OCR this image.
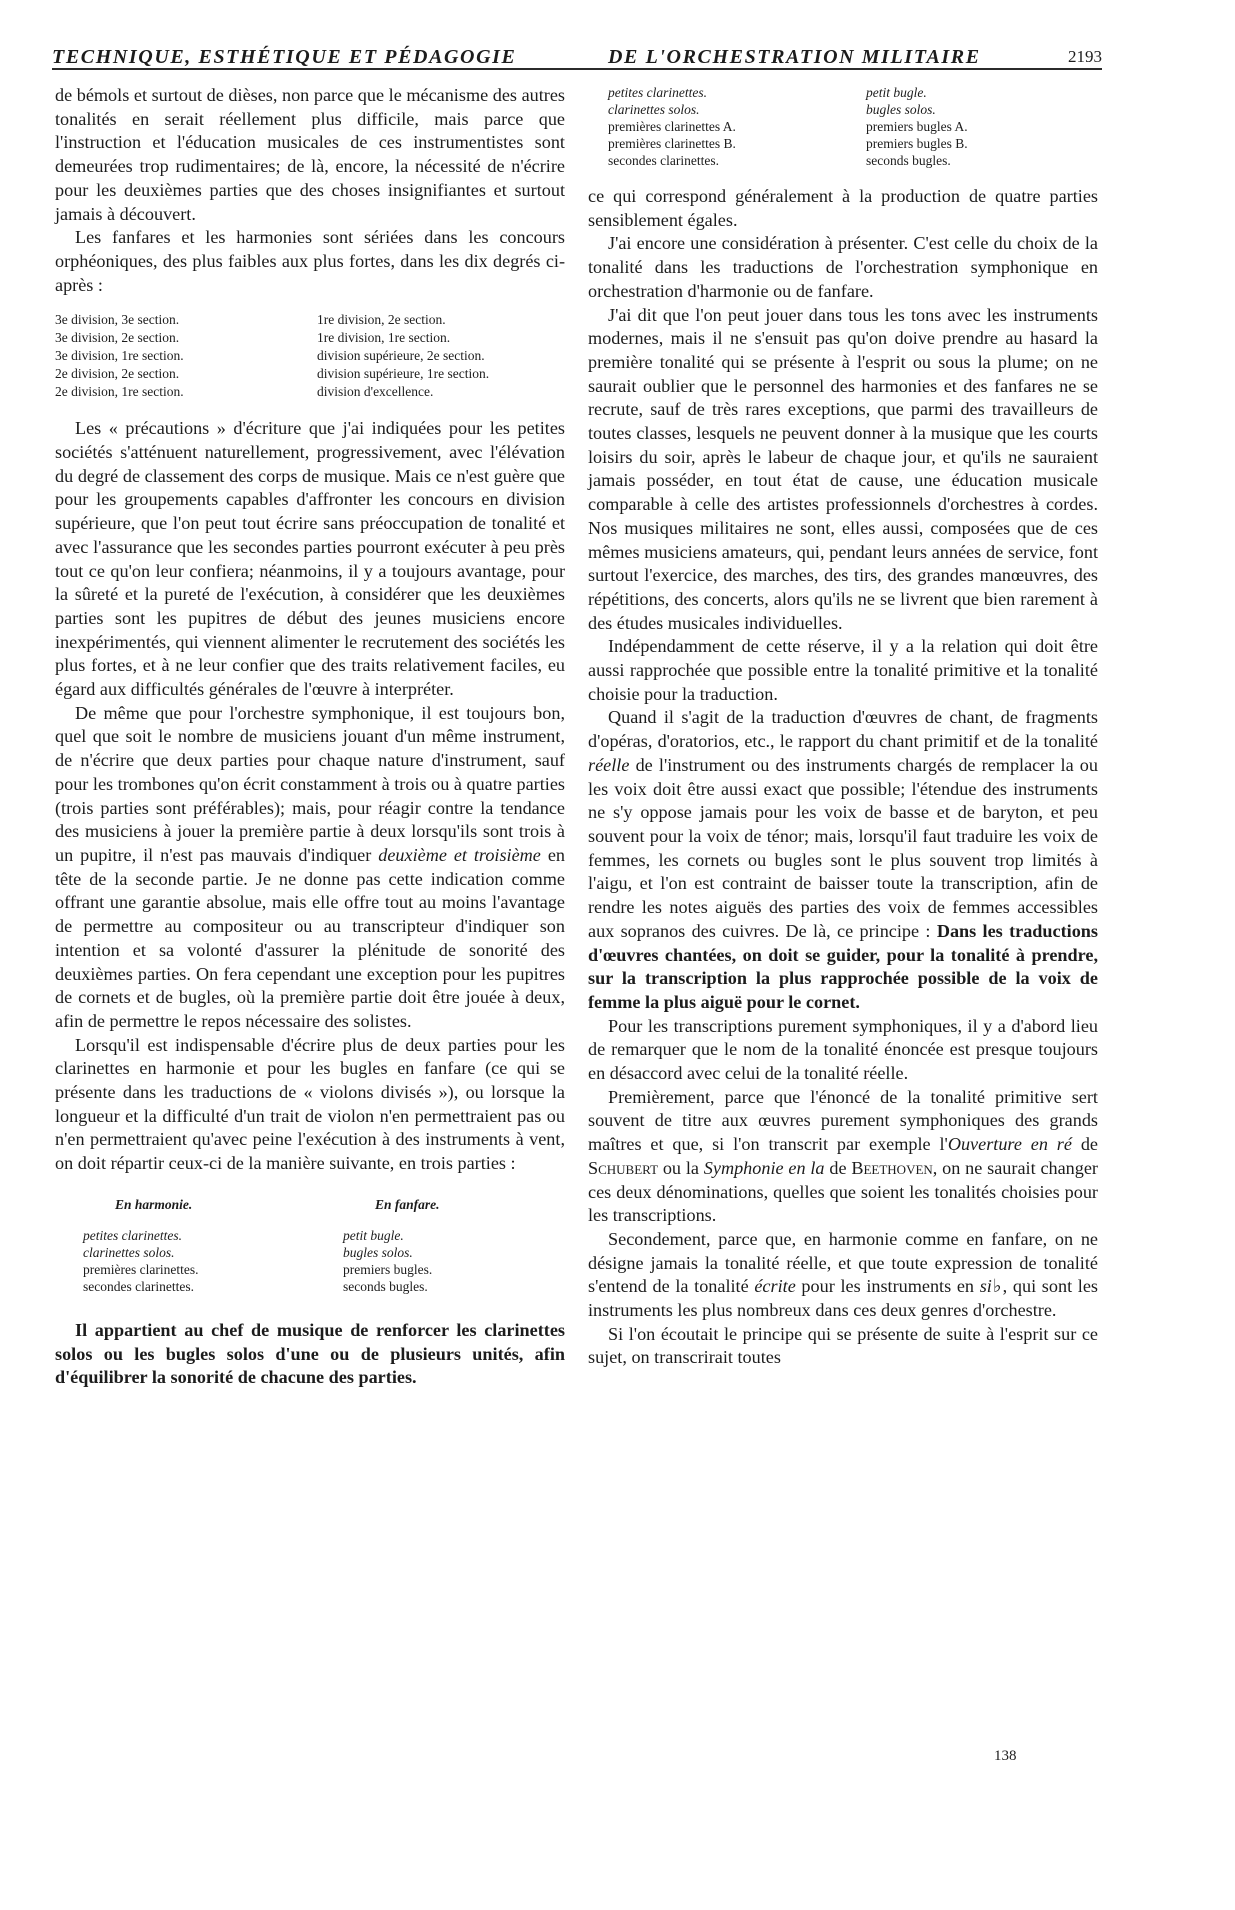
TECHNIQUE, ESTHÉTIQUE ET PÉDAGOGIE	DE L'ORCHESTRATION MILITAIRE	2193

de bémols et surtout de dièses, non parce que le mécanisme des autres tonalités en serait réellement plus difficile, mais parce que l'instruction et l'éducation musicales de ces instrumentistes sont demeurées trop rudimentaires; de là, encore, la nécessité de n'écrire pour les deuxièmes parties que des choses insignifiantes et surtout jamais à découvert.

Les fanfares et les harmonies sont sériées dans les concours orphéoniques, des plus faibles aux plus fortes, dans les dix degrés ci-après :

3e division, 3e section.
3e division, 2e section.
3e division, 1re section.
2e division, 2e section.
2e division, 1re section.
1re division, 2e section.
1re division, 1re section.
division supérieure, 2e section.
division supérieure, 1re section.
division d'excellence.

Les « précautions » d'écriture que j'ai indiquées pour les petites sociétés s'atténuent naturellement, progressivement, avec l'élévation du degré de classement des corps de musique. Mais ce n'est guère que pour les groupements capables d'affronter les concours en division supérieure, que l'on peut tout écrire sans préoccupation de tonalité et avec l'assurance que les secondes parties pourront exécuter à peu près tout ce qu'on leur confiera; néanmoins, il y a toujours avantage, pour la sûreté et la pureté de l'exécution, à considérer que les deuxièmes parties sont les pupitres de début des jeunes musiciens encore inexpérimentés, qui viennent alimenter le recrutement des sociétés les plus fortes, et à ne leur confier que des traits relativement faciles, eu égard aux difficultés générales de l'œuvre à interpréter.

De même que pour l'orchestre symphonique, il est toujours bon, quel que soit le nombre de musiciens jouant d'un même instrument, de n'écrire que deux parties pour chaque nature d'instrument, sauf pour les trombones qu'on écrit constamment à trois ou à quatre parties (trois parties sont préférables); mais, pour réagir contre la tendance des musiciens à jouer la première partie à deux lorsqu'ils sont trois à un pupitre, il n'est pas mauvais d'indiquer deuxième et troisième en tête de la seconde partie. Je ne donne pas cette indication comme offrant une garantie absolue, mais elle offre tout au moins l'avantage de permettre au compositeur ou au transcripteur d'indiquer son intention et sa volonté d'assurer la plénitude de sonorité des deuxièmes parties. On fera cependant une exception pour les pupitres de cornets et de bugles, où la première partie doit être jouée à deux, afin de permettre le repos nécessaire des solistes.

Lorsqu'il est indispensable d'écrire plus de deux parties pour les clarinettes en harmonie et pour les bugles en fanfare (ce qui se présente dans les traductions de « violons divisés »), ou lorsque la longueur et la difficulté d'un trait de violon n'en permettraient pas ou n'en permettraient qu'avec peine l'exécution à des instruments à vent, on doit répartir ceux-ci de la manière suivante, en trois parties :

En harmonie.
petites clarinettes.
clarinettes solos.
premières clarinettes.
secondes clarinettes.
En fanfare.
petit bugle.
bugles solos.
premiers bugles.
seconds bugles.

Il appartient au chef de musique de renforcer les clarinettes solos ou les bugles solos d'une ou de plusieurs unités, afin d'équilibrer la sonorité de chacune des parties.

petites clarinettes.
clarinettes solos.
premières clarinettes A.
premières clarinettes B.
secondes clarinettes.
petit bugle.
bugles solos.
premiers bugles A.
premiers bugles B.
seconds bugles.

ce qui correspond généralement à la production de quatre parties sensiblement égales.

J'ai encore une considération à présenter. C'est celle du choix de la tonalité dans les traductions de l'orchestration symphonique en orchestration d'harmonie ou de fanfare.

J'ai dit que l'on peut jouer dans tous les tons avec les instruments modernes, mais il ne s'ensuit pas qu'on doive prendre au hasard la première tonalité qui se présente à l'esprit ou sous la plume; on ne saurait oublier que le personnel des harmonies et des fanfares ne se recrute, sauf de très rares exceptions, que parmi des travailleurs de toutes classes, lesquels ne peuvent donner à la musique que les courts loisirs du soir, après le labeur de chaque jour, et qu'ils ne sauraient jamais posséder, en tout état de cause, une éducation musicale comparable à celle des artistes professionnels d'orchestres à cordes. Nos musiques militaires ne sont, elles aussi, composées que de ces mêmes musiciens amateurs, qui, pendant leurs années de service, font surtout l'exercice, des marches, des tirs, des grandes manœuvres, des répétitions, des concerts, alors qu'ils ne se livrent que bien rarement à des études musicales individuelles.

Indépendamment de cette réserve, il y a la relation qui doit être aussi rapprochée que possible entre la tonalité primitive et la tonalité choisie pour la traduction.

Quand il s'agit de la traduction d'œuvres de chant, de fragments d'opéras, d'oratorios, etc., le rapport du chant primitif et de la tonalité réelle de l'instrument ou des instruments chargés de remplacer la ou les voix doit être aussi exact que possible; l'étendue des instruments ne s'y oppose jamais pour les voix de basse et de baryton, et peu souvent pour la voix de ténor; mais, lorsqu'il faut traduire les voix de femmes, les cornets ou bugles sont le plus souvent trop limités à l'aigu, et l'on est contraint de baisser toute la transcription, afin de rendre les notes aiguës des parties des voix de femmes accessibles aux sopranos des cuivres. De là, ce principe : Dans les traductions d'œuvres chantées, on doit se guider, pour la tonalité à prendre, sur la transcription la plus rapprochée possible de la voix de femme la plus aiguë pour le cornet.

Pour les transcriptions purement symphoniques, il y a d'abord lieu de remarquer que le nom de la tonalité énoncée est presque toujours en désaccord avec celui de la tonalité réelle.

Premièrement, parce que l'énoncé de la tonalité primitive sert souvent de titre aux œuvres purement symphoniques des grands maîtres et que, si l'on transcrit par exemple l'Ouverture en ré de Schubert ou la Symphonie en la de Beethoven, on ne saurait changer ces deux dénominations, quelles que soient les tonalités choisies pour les transcriptions.

Secondement, parce que, en harmonie comme en fanfare, on ne désigne jamais la tonalité réelle, et que toute expression de tonalité s'entend de la tonalité écrite pour les instruments en si♭, qui sont les instruments les plus nombreux dans ces deux genres d'orchestre.

Si l'on écoutait le principe qui se présente de suite à l'esprit sur ce sujet, on transcrirait toutes

138
